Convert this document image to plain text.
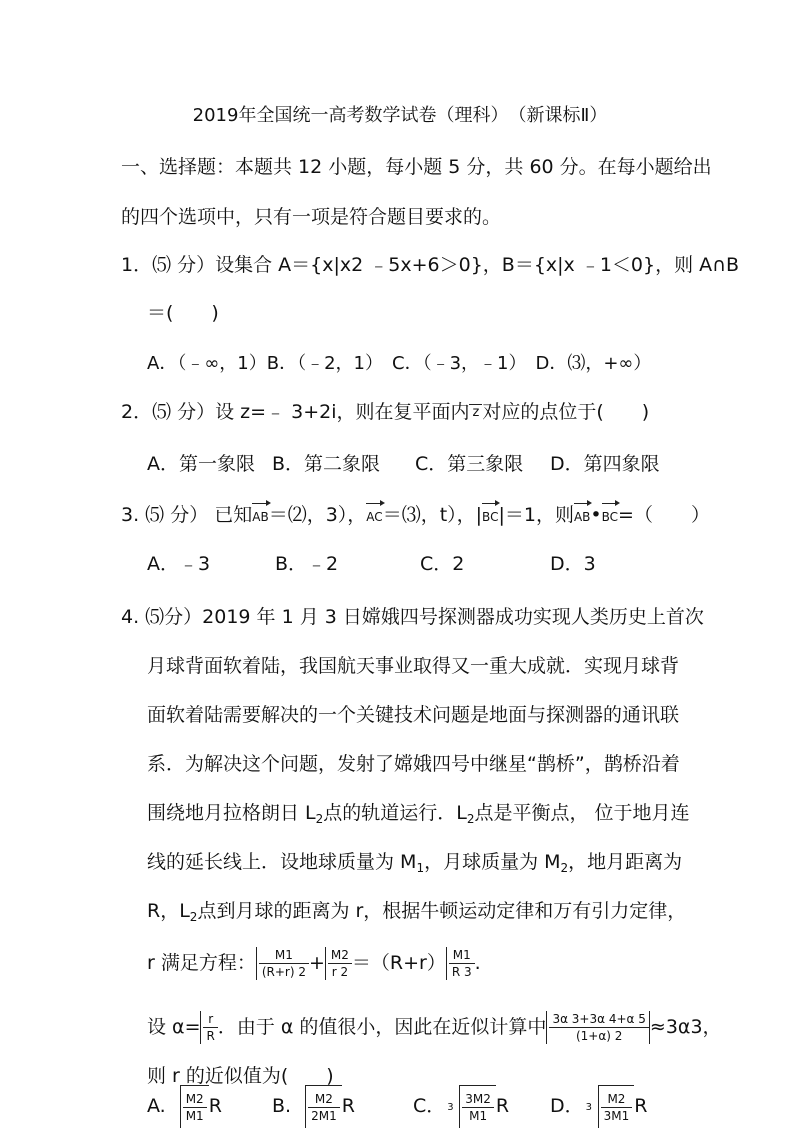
2019年全国统一高考数学试卷（理科）　（新课标Ⅱ）
一、选择题：本题共 12 小题，每小题 5 分，共 60 分。在每小题给出
的四个选项中，只有一项是符合题目要求的。
1．⑸ 分）设集合 A＝{x|x2 ﹣5x+6＞0}，B＝{x|x ﹣1＜0}，则 A∩B
＝(　　)
A．（﹣∞，1）B．（﹣2，1）　C．（﹣3，﹣1）　D．⑶，+∞）
2．⑸ 分）设 z=﹣ 3+2i，则在复平面内 z 对应的点位于(　　)
A．第一象限 B．第二象限 C．第三象限 D．第四象限
3. ⑸ 分） 已知AB＝⑵，3），AC＝⑶，t），|BC|＝1，则AB•BC=（　　）
A．﹣3	B．﹣2	C．2	D．3
4. ⑸分）2019 年 1 月 3 日嫦娥四号探测器成功实现人类历史上首次
月球背面软着陆，我国航天事业取得又一重大成就．实现月球背
面软着陆需要解决的一个关键技术问题是地面与探测器的通讯联
系．为解决这个问题，发射了嫦娥四号中继星“鹊桥”，鹊桥沿着
围绕地月拉格朗日 $L_2$点的轨道运行．$L_2$点是平衡点， 位于地月连
线的延长线上．设地球质量为 $M_1$，月球质量为 $M_2$，地月距离为
R，$L_2$点到月球的距离为 r，根据牛顿运动定律和万有引力定律，
r 满足方程： $\frac{M1}{(R+r) 2} + \frac{M2}{r 2} =(R+r) \frac{M1}{R 3}$ .
设 $\alpha= \frac{r}{R}$ ．由于 α 的值很小，因此在近似计算中 $\frac{3\alpha 3+3\alpha 4+\alpha 5}{(1+\alpha) 2} \approx 3\alpha 3$，
则 r 的近似值为(　　)
A. $\frac{M2}{M1}$ R	B. $\frac{M2}{2M1}$ R	C． $3 \frac{3M2}{M1}$ R D． $3 \frac{M2}{3M1}$ R
